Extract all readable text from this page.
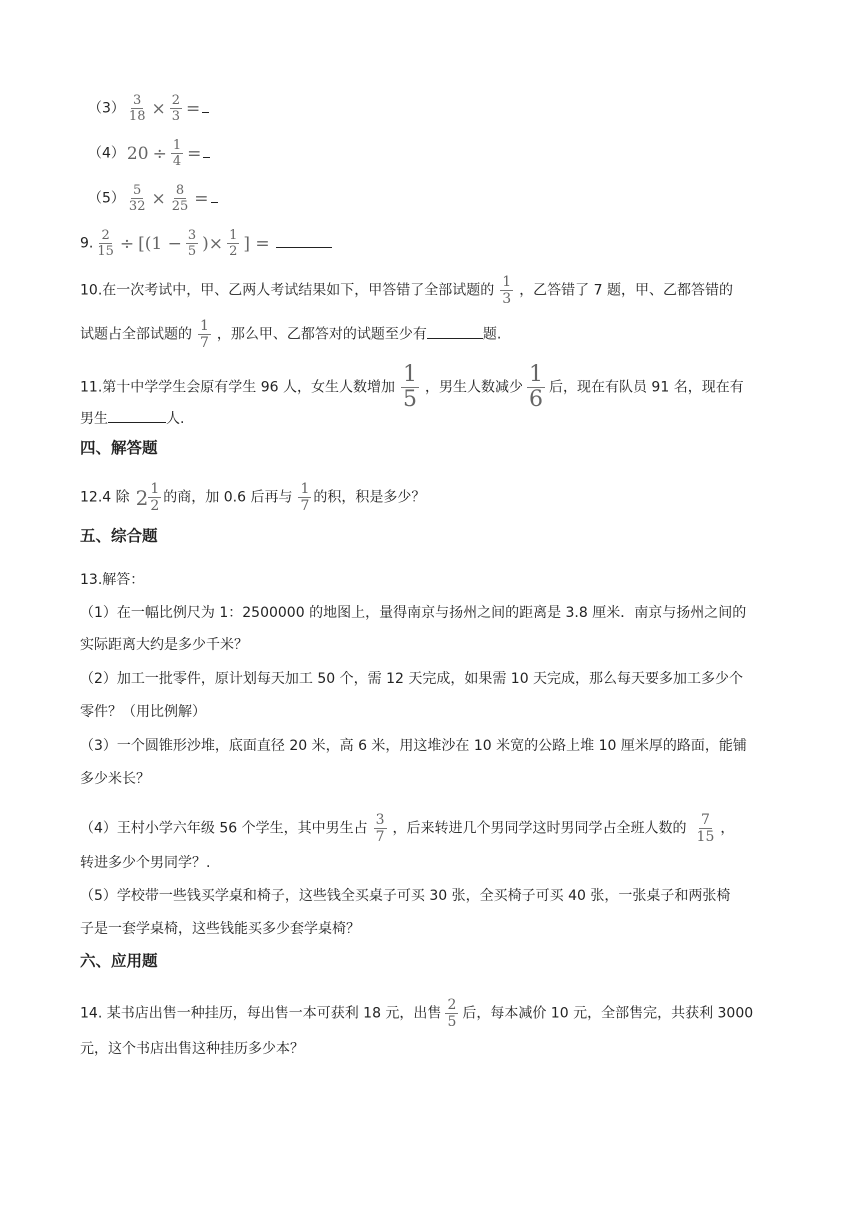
$(3) \frac{3}{18} \times \frac{2}{3}$ =
（4） $20 \div \frac{1}{4}$ =
$(5) \frac{5}{32} \times \frac{8}{25}$ =
9. $\frac{2}{15} \div [(1 - \frac{3}{5}$ )× $\frac{1}{2}$ ] =
10.在一次考试中，甲、乙两人考试结果如下，甲答错了全部试题的 $\frac{1}{3}$ ，乙答错了 7 题，甲、乙都答错的
试题占全部试题的 $\frac{1}{7}$ ，那么甲、乙都答对的试题至少有	题.
11.第十中学学生会原有学生 96 人，女生人数增加 $\frac{1}{5}$ ，男生人数减少 $\frac{1}{6}$ 后，现在有队员 91 名，现在有
男生	人.
四、解答题
12.4 除 $2 \frac{1}{2}$ 的商，加 0.6 后再与 $\frac{1}{7}$ 的积，积是多少？
五、综合题
13.解答：
（1）在一幅比例尺为 1：2500000 的地图上，量得南京与扬州之间的距离是 3.8 厘米．南京与扬州之间的
实际距离大约是多少千米？
（2）加工一批零件，原计划每天加工 50 个，需 12 天完成，如果需 10 天完成，那么每天要多加工多少个
零件？（用比例解）
（3）一个圆锥形沙堆，底面直径 20 米，高 6 米，用这堆沙在 10 米宽的公路上堆 10 厘米厚的路面，能铺
多少米长？
（4）王村小学六年级 56 个学生，其中男生占 $\frac{3}{7}$ ，后来转进几个男同学这时男同学占全班人数的 $\frac{7}{15}$ ，
转进多少个男同学？.
（5）学校带一些钱买学桌和椅子，这些钱全买桌子可买 30 张，全买椅子可买 40 张，一张桌子和两张椅
子是一套学桌椅，这些钱能买多少套学桌椅？
六、应用题
14. 某书店出售一种挂历，每出售一本可获利 18 元，出售 $\frac{2}{5}$ 后，每本减价 10 元，全部售完，共获利 3000
元，这个书店出售这种挂历多少本？
